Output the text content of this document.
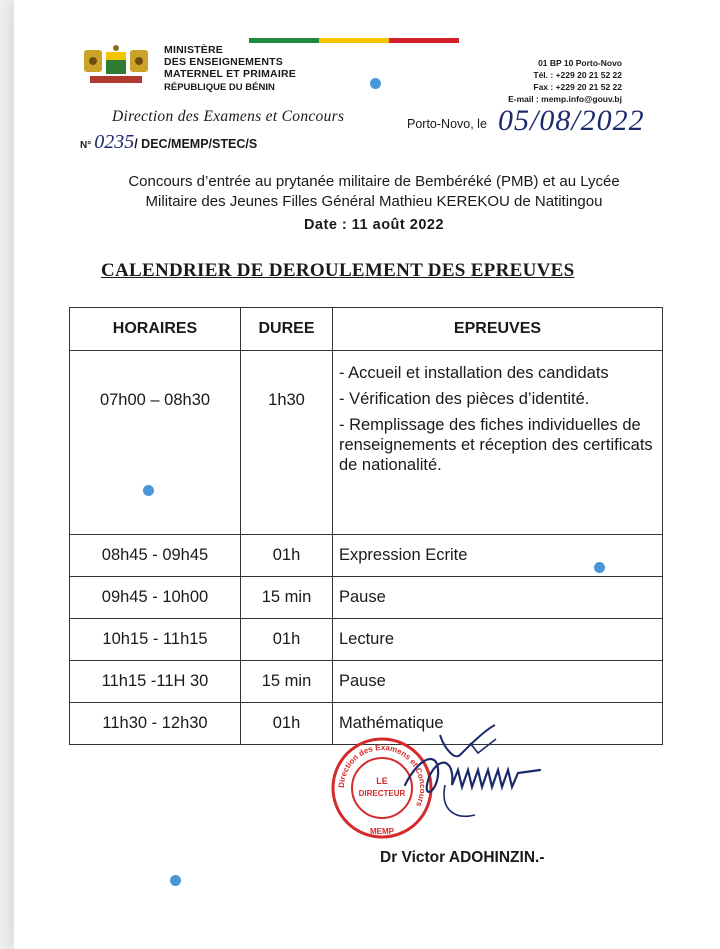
MINISTÈRE
DES ENSEIGNEMENTS
MATERNEL ET PRIMAIRE
RÉPUBLIQUE DU BÉNIN
01 BP 10 Porto-Novo
Tél. : +229 20 21 52 22
Fax : +229 20 21 52 22
E-mail : memp.info@gouv.bj
Direction des Examens et Concours
N° 0235/ DEC/MEMP/STEC/S
Porto-Novo, le 05/08/2022
Concours d’entrée au prytanée militaire de Bembéréké (PMB) et au Lycée
Militaire des Jeunes Filles Général Mathieu KEREKOU de Natitingou
Date : 11 août 2022
CALENDRIER DE DEROULEMENT DES EPREUVES
HORAIRES	DUREE	EPREUVES
07h00 – 08h30	1h30	- Accueil et installation des candidats
- Vérification des pièces d’identité.
- Remplissage des fiches individuelles de renseignements et réception des certificats de nationalité.

08h45 - 09h45	01h	Expression Ecrite
09h45 - 10h00	15 min	Pause
10h15 - 11h15	01h	Lecture
11h15 -11H 30	15 min	Pause
11h30 - 12h30	01h	Mathématique
Direction des Examens et Concours
LE
DIRECTEUR
MEMP
Dr Victor ADOHINZIN.-
